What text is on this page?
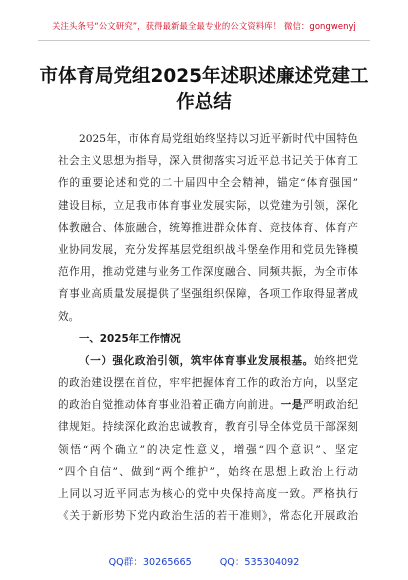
关注头条号“公文研究”，获得最新最全最专业的公文资料库！ 微信：gongwenyj
市体育局党组2025年述职述廉述党建工
作总结
2025年，市体育局党组始终坚持以习近平新时代中国特色
社会主义思想为指导，深入贯彻落实习近平总书记关于体育工
作的重要论述和党的二十届四中全会精神，锚定“体育强国”
建设目标，立足我市体育事业发展实际，以党建为引领，深化
体教融合、体旅融合，统筹推进群众体育、竞技体育、体育产
业协同发展，充分发挥基层党组织战斗堡垒作用和党员先锋模
范作用，推动党建与业务工作深度融合、同频共振，为全市体
育事业高质量发展提供了坚强组织保障，各项工作取得显著成
效。
一、2025年工作情况
（一）强化政治引领，筑牢体育事业发展根基。始终把党
的政治建设摆在首位，牢牢把握体育工作的政治方向，以坚定
的政治自觉推动体育事业沿着正确方向前进。一是严明政治纪
律规矩。持续深化政治忠诚教育，教育引导全体党员干部深刻
领悟“两个确立”的决定性意义，增强“四个意识”、坚定
“四个自信”、做到“两个维护”，始终在思想上政治上行动
上同以习近平同志为核心的党中央保持高度一致。严格执行
《关于新形势下党内政治生活的若干准则》，常态化开展政治
QQ群：30265665	QQ：535304092
